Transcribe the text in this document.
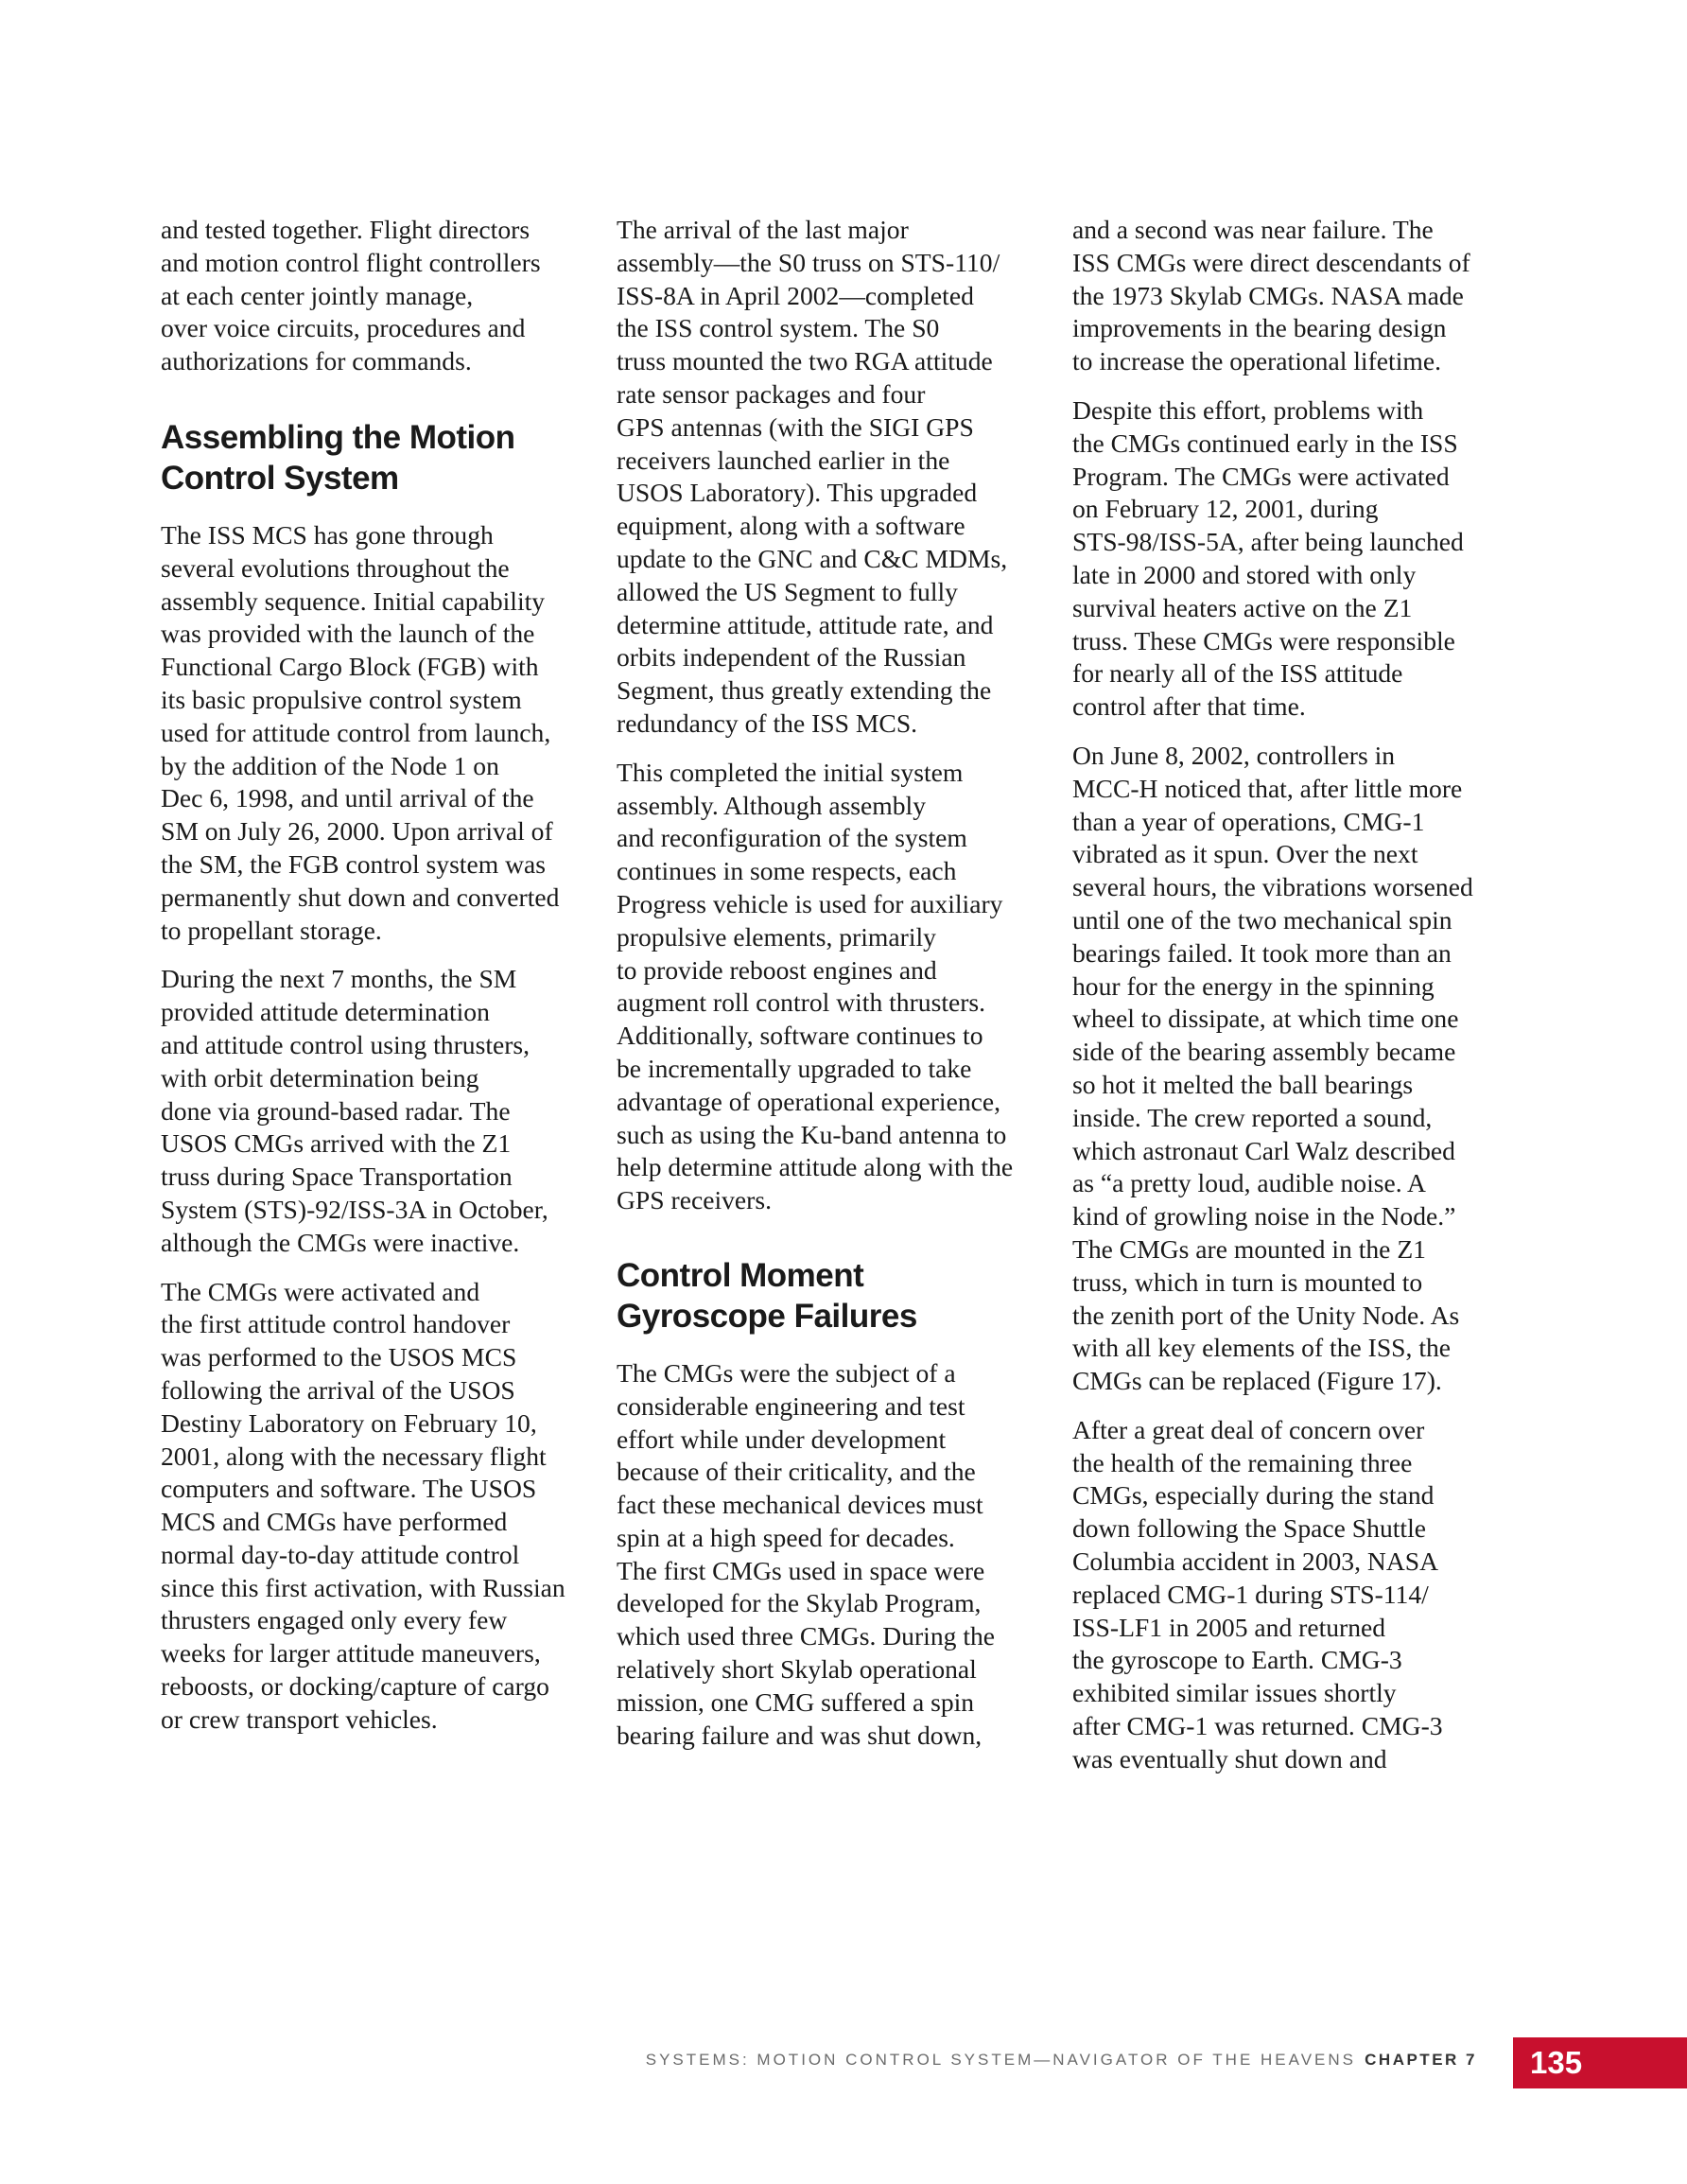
and tested together. Flight directors
and motion control flight controllers
at each center jointly manage,
over voice circuits, procedures and
authorizations for commands.

Assembling the Motion
Control System

The ISS MCS has gone through
several evolutions throughout the
assembly sequence. Initial capability
was provided with the launch of the
Functional Cargo Block (FGB) with
its basic propulsive control system
used for attitude control from launch,
by the addition of the Node 1 on
Dec 6, 1998, and until arrival of the
SM on July 26, 2000. Upon arrival of
the SM, the FGB control system was
permanently shut down and converted
to propellant storage.

During the next 7 months, the SM
provided attitude determination
and attitude control using thrusters,
with orbit determination being
done via ground-based radar. The
USOS CMGs arrived with the Z1
truss during Space Transportation
System (STS)-92/ISS-3A in October,
although the CMGs were inactive.

The CMGs were activated and
the first attitude control handover
was performed to the USOS MCS
following the arrival of the USOS
Destiny Laboratory on February 10,
2001, along with the necessary flight
computers and software. The USOS
MCS and CMGs have performed
normal day-to-day attitude control
since this first activation, with Russian
thrusters engaged only every few
weeks for larger attitude maneuvers,
reboosts, or docking/capture of cargo
or crew transport vehicles.

The arrival of the last major
assembly—the S0 truss on STS-110/
ISS-8A in April 2002—completed
the ISS control system. The S0
truss mounted the two RGA attitude
rate sensor packages and four
GPS antennas (with the SIGI GPS
receivers launched earlier in the
USOS Laboratory). This upgraded
equipment, along with a software
update to the GNC and C&C MDMs,
allowed the US Segment to fully
determine attitude, attitude rate, and
orbits independent of the Russian
Segment, thus greatly extending the
redundancy of the ISS MCS.

This completed the initial system
assembly. Although assembly
and reconfiguration of the system
continues in some respects, each
Progress vehicle is used for auxiliary
propulsive elements, primarily
to provide reboost engines and
augment roll control with thrusters.
Additionally, software continues to
be incrementally upgraded to take
advantage of operational experience,
such as using the Ku-band antenna to
help determine attitude along with the
GPS receivers.

Control Moment
Gyroscope Failures

The CMGs were the subject of a
considerable engineering and test
effort while under development
because of their criticality, and the
fact these mechanical devices must
spin at a high speed for decades.
The first CMGs used in space were
developed for the Skylab Program,
which used three CMGs. During the
relatively short Skylab operational
mission, one CMG suffered a spin
bearing failure and was shut down,

and a second was near failure. The
ISS CMGs were direct descendants of
the 1973 Skylab CMGs. NASA made
improvements in the bearing design
to increase the operational lifetime.

Despite this effort, problems with
the CMGs continued early in the ISS
Program. The CMGs were activated
on February 12, 2001, during
STS-98/ISS-5A, after being launched
late in 2000 and stored with only
survival heaters active on the Z1
truss. These CMGs were responsible
for nearly all of the ISS attitude
control after that time.

On June 8, 2002, controllers in
MCC-H noticed that, after little more
than a year of operations, CMG-1
vibrated as it spun. Over the next
several hours, the vibrations worsened
until one of the two mechanical spin
bearings failed. It took more than an
hour for the energy in the spinning
wheel to dissipate, at which time one
side of the bearing assembly became
so hot it melted the ball bearings
inside. The crew reported a sound,
which astronaut Carl Walz described
as “a pretty loud, audible noise. A
kind of growling noise in the Node.”
The CMGs are mounted in the Z1
truss, which in turn is mounted to
the zenith port of the Unity Node. As
with all key elements of the ISS, the
CMGs can be replaced (Figure 17).

After a great deal of concern over
the health of the remaining three
CMGs, especially during the stand
down following the Space Shuttle
Columbia accident in 2003, NASA
replaced CMG-1 during STS-114/
ISS-LF1 in 2005 and returned
the gyroscope to Earth. CMG-3
exhibited similar issues shortly
after CMG-1 was returned. CMG-3
was eventually shut down and

SYSTEMS: MOTION CONTROL SYSTEM—NAVIGATOR OF THE HEAVENS CHAPTER 7	135
